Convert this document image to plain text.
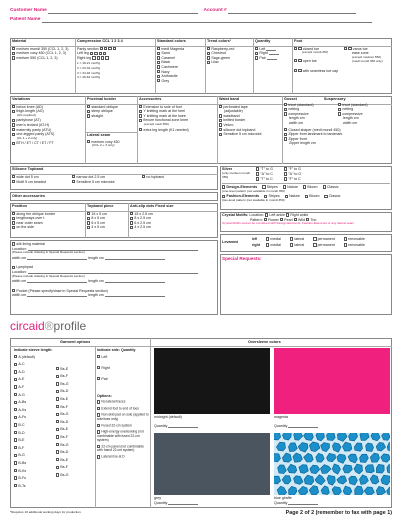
Customer Name	Account #
Patient Name
Material
medven mondi 350 (CCL 1, 2, 3)
medven cosy 450 (CCL 1, 2, 3)
medven 550 (CCL 1, 2, 3)
Compression CCL 1 2 3 4
Panty section
Left leg
Right leg
1 = 18-21 mmHg
2 = 23-32 mmHg
3 = 34-46 mmHg
4 = 49-63 mmHg
Standard colors
medi Magenta
Sand
Caramel
Black
Cashmere
Navy
Anthracite
Grey
Trend colors¹
Raspberry-red
Chestnut
Sage-green
Lilac
Quantity
Left
Right
Pair
Foot
closed toe
(except mondi 350)
open toe
with seamless toe cap
varus toe
ease zone
(except medven 550)
(medi mondi 350 only)
Variations
below knee (AD)
thigh-length (AG)
(AG required)
pantyhose (AT)
men's leotard (AT-H)
maternity panty (ATU)
one-legged panty (ATS)
(CL 1 + 2 only)
BTH / ET / CT / ET / FT
Proximal border
standard oblique
steep oblique
straight
Lateral seam
medven cosy 450
(CCL 2 + 3 only)
Accessories
Extension to sole of foot
Y knitting mark at the heel
Y knitting mark at the knee
flexure functional zone knee
(except medi 350)
extra leg length (K1 needed)
Waist band
perforated tape
(adjustable)
waistband
knitted border
Velcro
silicone dot topband
Sensitive 5 cm microdot
Gusset	Suspensory
tricot (standard)
netting
compressive
length cm
width cm
tricot (standard)
netting
compressive
length cm
width cm
Closed shaper (medi mondi 450)
Zipper from landmark to landmark
Zipper front
Zipper length cm
Silicone Topband
wide dot 5 cm
Motif 5 cm beaded
narrow dot 2.5 cm
Sensitive 5 cm microdot
no topband
Other accessories
Position
along the oblique border
lengthways over t
near outer seam
on the side
Topband piece
15 x 5 cm
8 x 5 cm
6 x 5 cm
4 x 5 cm
Anti-slip dots Fixed size
15 x 2.5 cm
8 x 2.5 cm
6 x 2.5 cm
4 x 2.5 cm
silk lining material
Location:
(Please include drawing in Special Requests section)
width cm	length cm
Lymphpad
Location:
(Please include drawing in Special Requests section)
width cm	length cm
Pocket (Please specify/draw in Special Requests section)
width cm	length cm
Silver
(only medven mondi 350)
"T" to G
"A" to C
"T" to C
"F" to G
"A" to G
"F" to C
Design-Elements	Stripes	Nature	Bloom	Classic
(one-level pattern (not available in mondi 350)
Fashion-Elements	Stripes	Nature	Bloom	Classic
(two-level pattern (not available in mondi 350)
Crystal Motifs: Location: Left ankle Right ankle
Pattern: Flower Pearl Wild Trio
Crystal Motifs cannot be combined with Design-Elements, Fashion-Elements or any lateral seam
Levamed
left
right
medial	lateral	permanent	removable
medial	lateral	permanent	removable
Special Requests:
circaid®profile
Garment options	Oversleeve colors
Indicate sleeve length:
A (default)
A-C
A-D
A-E
A-F
A-G
A-Bs
A-Ks
A-Fs
B-C
B-D
B-E
B-F
B-G
B-Bs
B-Ks
B-Fs
B-Ts
Bs-E
Bs-F
Bs-G
Bs-D
Bs-E
Bs-F
Bs-G
Bs-D
Bs-E
Bs-F
Bs-G
Bs-D
Bs-E
Bs-F
Bs-G
Indicate side: Quantity
Left
Right
Pair
Options:
No lateral traces
Extend foot to end of toes
Non-skid pad on sole (applied to sole/toes only)
Fused 22-cm system
High-energy overlooking (not combinable with fused 22-cm system)
22-cm panel (not combinable with fused 22-cm system)
Lateral rise at D
midnight (default)	magenta
Quantity	Quantity
grey	blue giraffe
Quantity	Quantity
*Requires 10 additional working days for production.	Page 2 of 2 (remember to fax with page 1)
